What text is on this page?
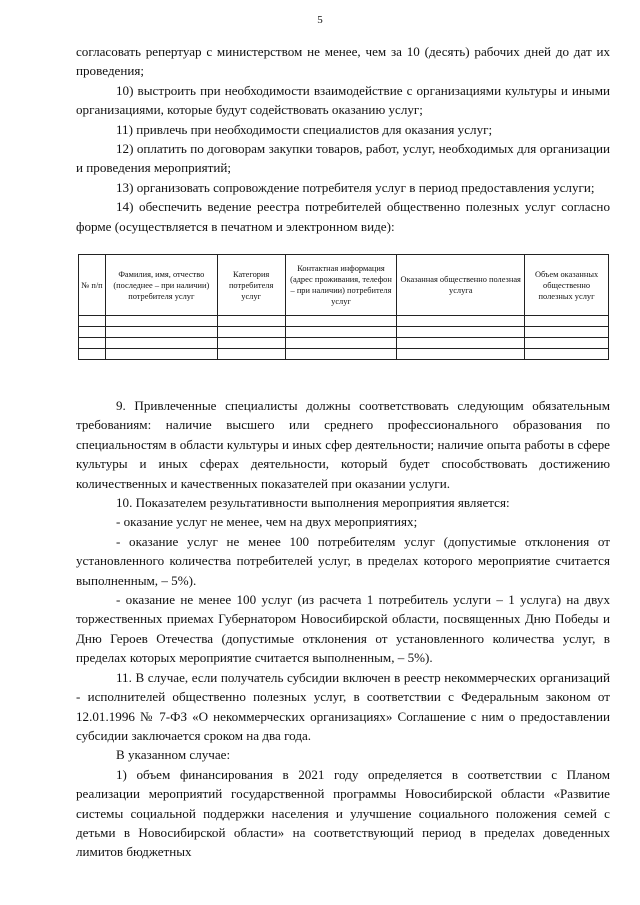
5

согласовать репертуар с министерством не менее, чем за 10 (десять) рабочих дней до дат их проведения;

10) выстроить при необходимости взаимодействие с организациями культуры и иными организациями, которые будут содействовать оказанию услуг;

11) привлечь при необходимости специалистов для оказания услуг;

12) оплатить по договорам закупки товаров, работ, услуг, необходимых для организации и проведения мероприятий;

13) организовать сопровождение потребителя услуг в период предоставления услуги;

14) обеспечить ведение реестра потребителей общественно полезных услуг согласно форме (осуществляется в печатном и электронном виде):

№ п/п	Фамилия, имя, отчество (последнее – при наличии) потребителя услуг	Категория потребителя услуг	Контактная информация (адрес проживания, телефон – при наличии) потребителя услуг	Оказанная общественно полезная услуга	Объем оказанных общественно полезных услуг

9. Привлеченные специалисты должны соответствовать следующим обязательным требованиям: наличие высшего или среднего профессионального образования по специальностям в области культуры и иных сфер деятельности; наличие опыта работы в сфере культуры и иных сферах деятельности, который будет способствовать достижению количественных и качественных показателей при оказании услуги.

10. Показателем результативности выполнения мероприятия является:

- оказание услуг не менее, чем на двух мероприятиях;

- оказание услуг не менее 100 потребителям услуг (допустимые отклонения от установленного количества потребителей услуг, в пределах которого мероприятие считается выполненным, – 5%).

- оказание не менее 100 услуг (из расчета 1 потребитель услуги – 1 услуга) на двух торжественных приемах Губернатором Новосибирской области, посвященных Дню Победы и Дню Героев Отечества (допустимые отклонения от установленного количества услуг, в пределах которых мероприятие считается выполненным, – 5%).

11. В случае, если получатель субсидии включен в реестр некоммерческих организаций - исполнителей общественно полезных услуг, в соответствии с Федеральным законом от 12.01.1996 № 7-ФЗ «О некоммерческих организациях» Соглашение с ним о предоставлении субсидии заключается сроком на два года.

В указанном случае:

1) объем финансирования в 2021 году определяется в соответствии с Планом реализации мероприятий государственной программы Новосибирской области «Развитие системы социальной поддержки населения и улучшение социального положения семей с детьми в Новосибирской области» на соответствующий период в пределах доведенных лимитов бюджетных
